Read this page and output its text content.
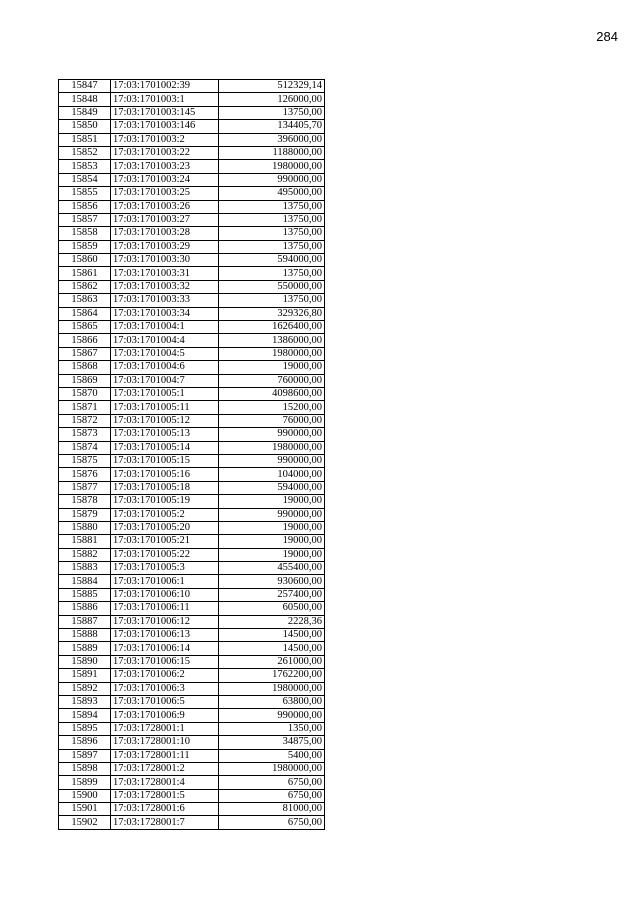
284
15847	17:03:1701002:39	512329,14
15848	17:03:1701003:1	126000,00
15849	17:03:1701003:145	13750,00
15850	17:03:1701003:146	134405,70
15851	17:03:1701003:2	396000,00
15852	17:03:1701003:22	1188000,00
15853	17:03:1701003:23	1980000,00
15854	17:03:1701003:24	990000,00
15855	17:03:1701003:25	495000,00
15856	17:03:1701003:26	13750,00
15857	17:03:1701003:27	13750,00
15858	17:03:1701003:28	13750,00
15859	17:03:1701003:29	13750,00
15860	17:03:1701003:30	594000,00
15861	17:03:1701003:31	13750,00
15862	17:03:1701003:32	550000,00
15863	17:03:1701003:33	13750,00
15864	17:03:1701003:34	329326,80
15865	17:03:1701004:1	1626400,00
15866	17:03:1701004:4	1386000,00
15867	17:03:1701004:5	1980000,00
15868	17:03:1701004:6	19000,00
15869	17:03:1701004:7	760000,00
15870	17:03:1701005:1	4098600,00
15871	17:03:1701005:11	15200,00
15872	17:03:1701005:12	76000,00
15873	17:03:1701005:13	990000,00
15874	17:03:1701005:14	1980000,00
15875	17:03:1701005:15	990000,00
15876	17:03:1701005:16	104000,00
15877	17:03:1701005:18	594000,00
15878	17:03:1701005:19	19000,00
15879	17:03:1701005:2	990000,00
15880	17:03:1701005:20	19000,00
15881	17:03:1701005:21	19000,00
15882	17:03:1701005:22	19000,00
15883	17:03:1701005:3	455400,00
15884	17:03:1701006:1	930600,00
15885	17:03:1701006:10	257400,00
15886	17:03:1701006:11	60500,00
15887	17:03:1701006:12	2228,36
15888	17:03:1701006:13	14500,00
15889	17:03:1701006:14	14500,00
15890	17:03:1701006:15	261000,00
15891	17:03:1701006:2	1762200,00
15892	17:03:1701006:3	1980000,00
15893	17:03:1701006:5	63800,00
15894	17:03:1701006:9	990000,00
15895	17:03:1728001:1	1350,00
15896	17:03:1728001:10	34875,00
15897	17:03:1728001:11	5400,00
15898	17:03:1728001:2	1980000,00
15899	17:03:1728001:4	6750,00
15900	17:03:1728001:5	6750,00
15901	17:03:1728001:6	81000,00
15902	17:03:1728001:7	6750,00
